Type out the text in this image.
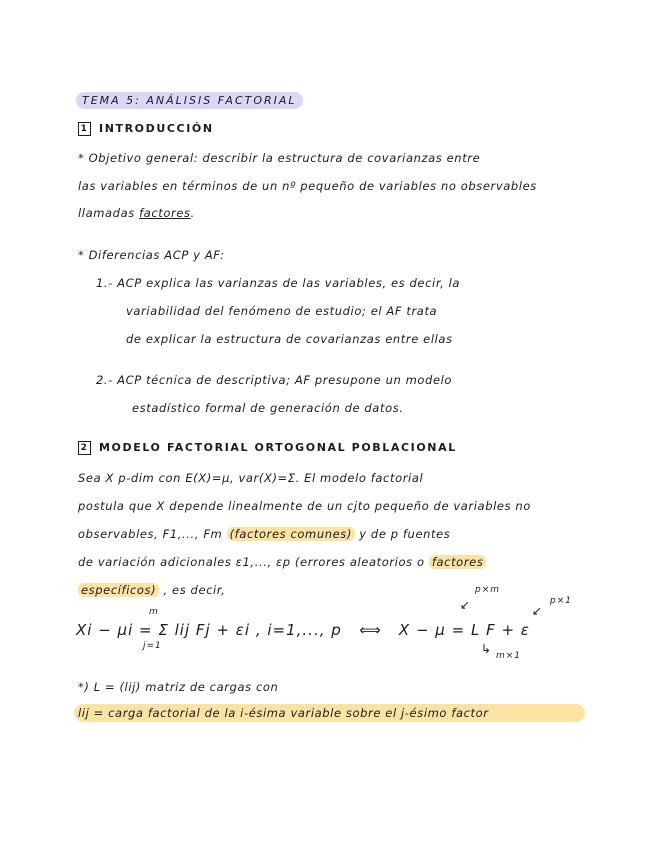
TEMA 5: ANÁLISIS FACTORIAL
1 INTRODUCCIÓN
* Objetivo general: describir la estructura de covarianzas entre
las variables en términos de un nº pequeño de variables no observables
llamadas factores.
* Diferencias ACP y AF:
1.- ACP explica las varianzas de las variables, es decir, la
variabilidad del fenómeno de estudio; el AF trata
de explicar la estructura de covarianzas entre ellas
2.- ACP técnica de descriptiva; AF presupone un modelo
estadístico formal de generación de datos.
2 MODELO FACTORIAL ORTOGONAL POBLACIONAL
Sea X p-dim con E(X)=μ, var(X)=Σ. El modelo factorial
postula que X depende linealmente de un cjto pequeño de variables no
observables, F1,..., Fm (factores comunes) y de p fuentes
de variación adicionales ε1,..., εp (errores aleatorios o factores
específicos) , es decir,	p×m
↙	p×1
↙
m
j=1
Xi − μi = Σ lij Fj + εi , i=1,..., p ⟺ X − μ = L F + ε
↳ m×1
*) L = (lij) matriz de cargas con
lij = carga factorial de la i-ésima variable sobre el j-ésimo factor
